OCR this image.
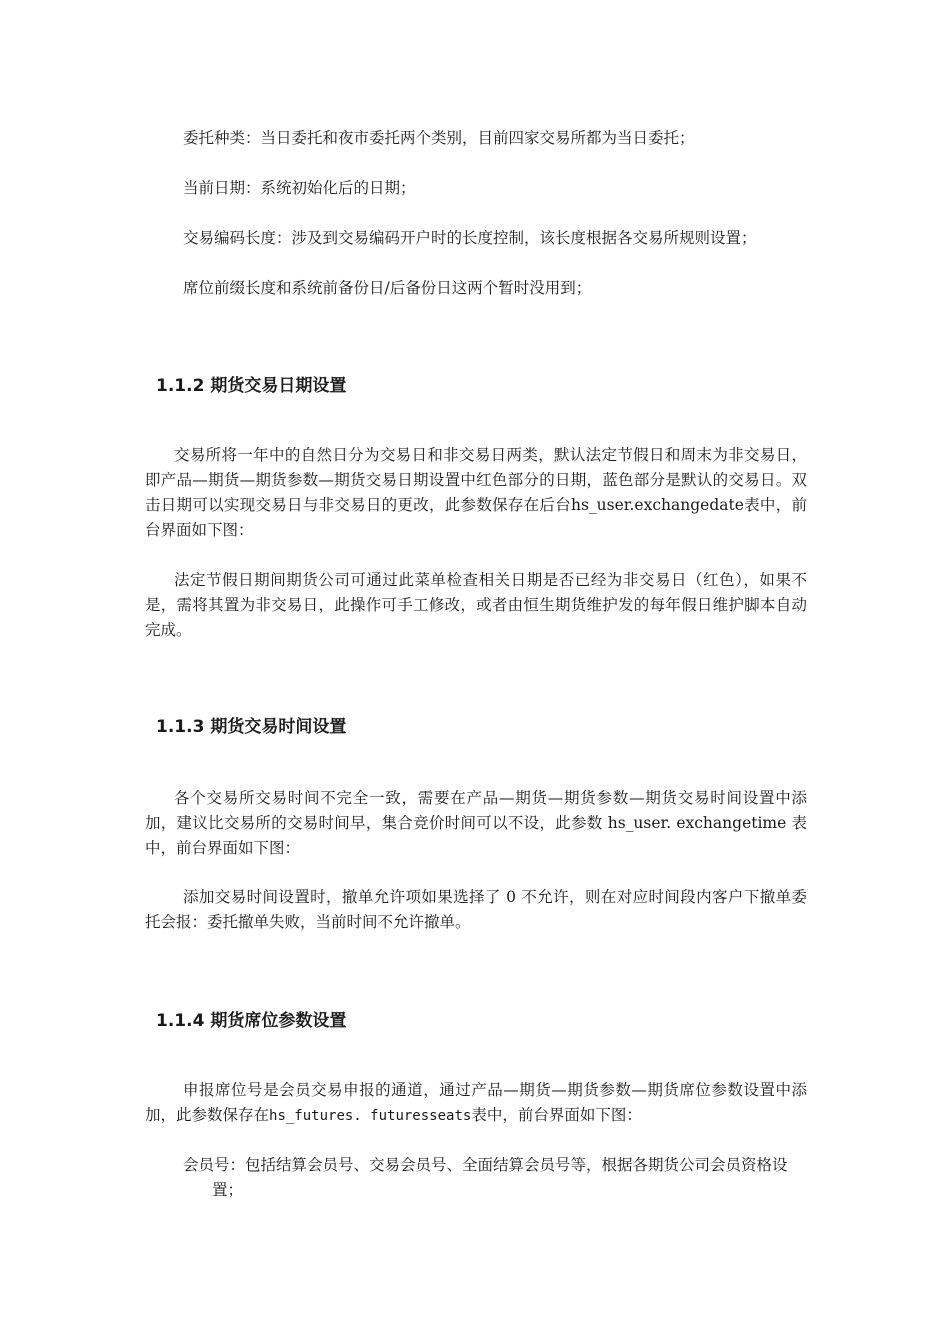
委托种类：当日委托和夜市委托两个类别，目前四家交易所都为当日委托；

当前日期：系统初始化后的日期；

交易编码长度：涉及到交易编码开户时的长度控制，该长度根据各交易所规则设置；

席位前缀长度和系统前备份日/后备份日这两个暂时没用到；

1.1.2 期货交易日期设置

交易所将一年中的自然日分为交易日和非交易日两类，默认法定节假日和周末为非交易日，即产品—期货—期货参数—期货交易日期设置中红色部分的日期，蓝色部分是默认的交易日。双击日期可以实现交易日与非交易日的更改，此参数保存在后台hs_user.exchangedate表中，前台界面如下图：

法定节假日期间期货公司可通过此菜单检查相关日期是否已经为非交易日（红色），如果不是，需将其置为非交易日，此操作可手工修改，或者由恒生期货维护发的每年假日维护脚本自动完成。

1.1.3 期货交易时间设置

各个交易所交易时间不完全一致，需要在产品—期货—期货参数—期货交易时间设置中添加，建议比交易所的交易时间早，集合竞价时间可以不设，此参数 hs_user. exchangetime 表中，前台界面如下图：

添加交易时间设置时，撤单允许项如果选择了 0 不允许，则在对应时间段内客户下撤单委托会报：委托撤单失败，当前时间不允许撤单。

1.1.4 期货席位参数设置

申报席位号是会员交易申报的通道，通过产品—期货—期货参数—期货席位参数设置中添加，此参数保存在hs_futures. futuresseats表中，前台界面如下图：

会员号：包括结算会员号、交易会员号、全面结算会员号等，根据各期货公司会员资格设置；
